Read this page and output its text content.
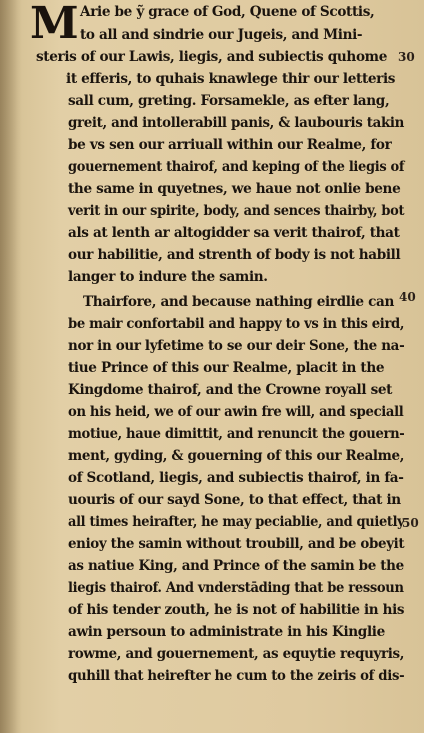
M Arie be ỹ grace of God, Quene of Scottis,
to all and sindrie our Jugeis, and Mini-
steris of our Lawis, liegis, and subiectis quhome
it efferis, to quhais knawlege thir our letteris
sall cum, greting. Forsamekle, as efter lang,
greit, and intollerabill panis, & laubouris takin
be vs sen our arriuall within our Realme, for
gouernement thairof, and keping of the liegis of
the same in quyetnes, we haue not onlie bene
verit in our spirite, body, and sences thairby, bot
als at lenth ar altogidder sa verit thairof, that
our habilitie, and strenth of body is not habill
langer to indure the samin.
Thairfore, and because nathing eirdlie can
be mair confortabil and happy to vs in this eird,
nor in our lyfetime to se our deir Sone, the na-
tiue Prince of this our Realme, placit in the
Kingdome thairof, and the Crowne royall set
on his heid, we of our awin fre will, and speciall
motiue, haue dimittit, and renuncit the gouern-
ment, gyding, & gouerning of this our Realme,
of Scotland, liegis, and subiectis thairof, in fa-
uouris of our sayd Sone, to that effect, that in
all times heirafter, he may peciablie, and quietly
enioy the samin without troubill, and be obeyit
as natiue King, and Prince of the samin be the
liegis thairof. And vnderstāding that be ressoun
of his tender zouth, he is not of habilitie in his
awin persoun to administrate in his Kinglie
rowme, and gouernement, as equytie requyris,
quhill that heirefter he cum to the zeiris of dis-
30
40
50
